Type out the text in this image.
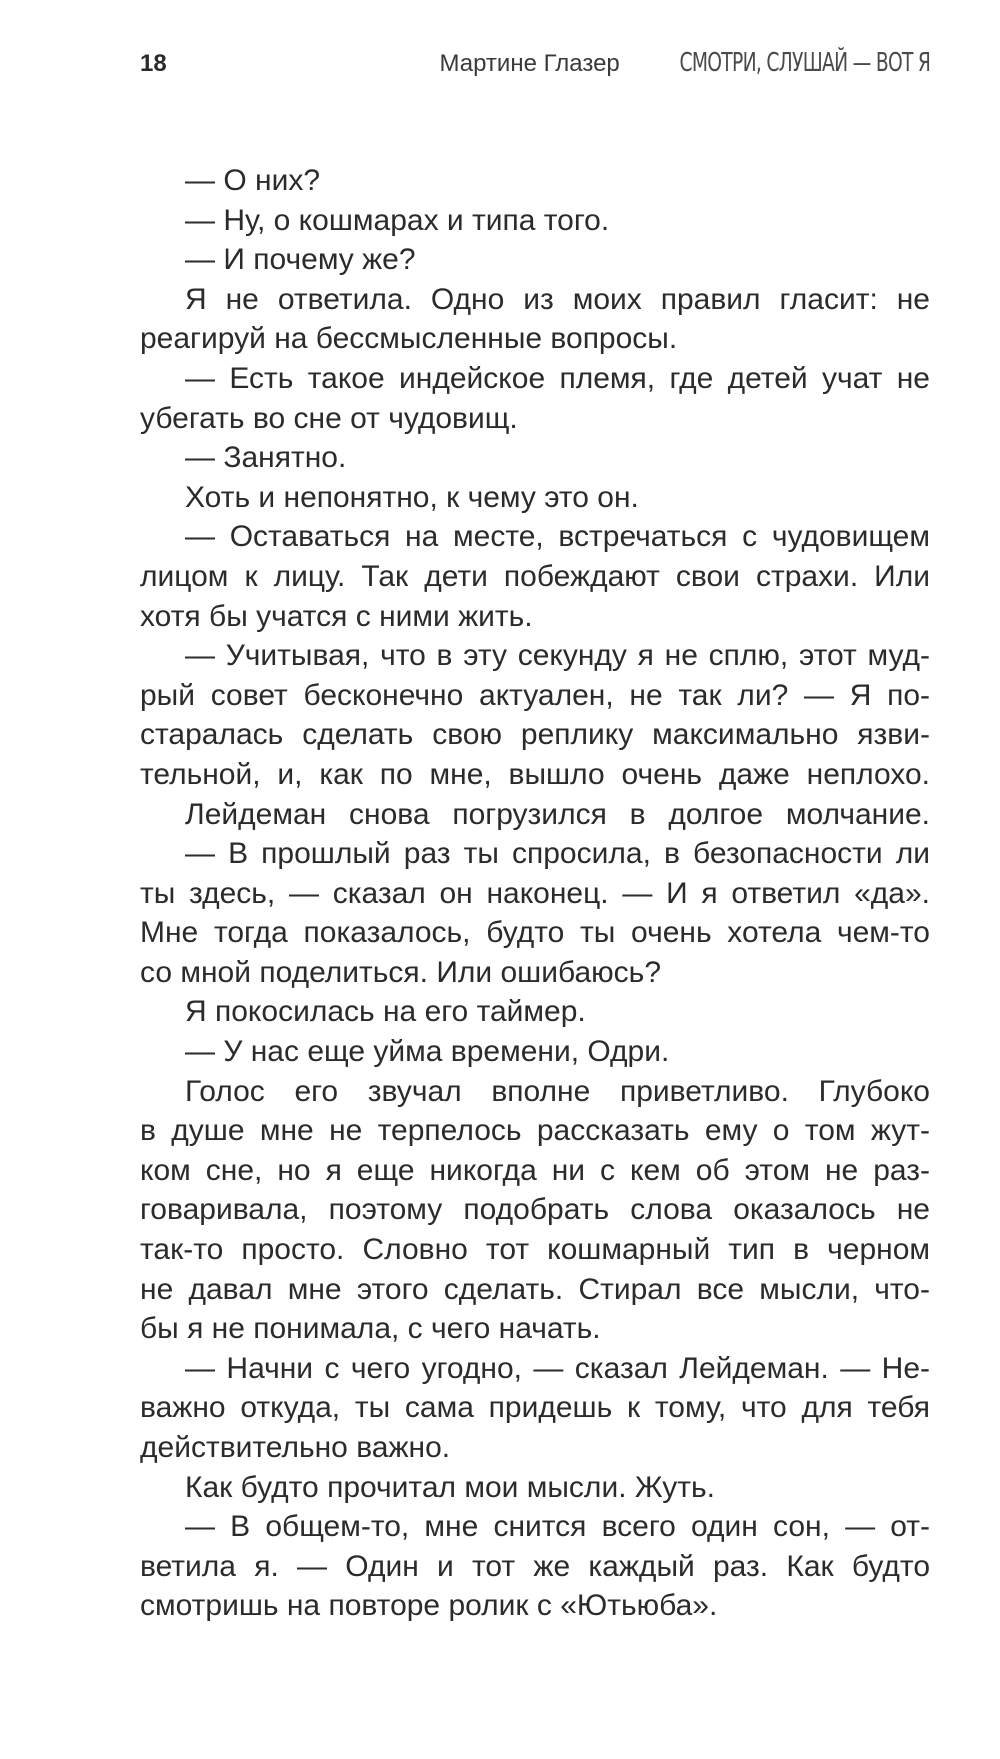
18	Мартине Глазер СМОТРИ, СЛУШАЙ — ВОТ Я
— О них?
— Ну, о кошмарах и типа того.
— И почему же?
Я не ответила. Одно из моих правил гласит: не
реагируй на бессмысленные вопросы.
— Есть такое индейское племя, где детей учат не
убегать во сне от чудовищ.
— Занятно.
Хоть и непонятно, к чему это он.
— Оставаться на месте, встречаться с чудовищем
лицом к лицу. Так дети побеждают свои страхи. Или
хотя бы учатся с ними жить.
— Учитывая, что в эту секунду я не сплю, этот муд-
рый совет бесконечно актуален, не так ли? — Я по-
старалась сделать свою реплику максимально язви-
тельной, и, как по мне, вышло очень даже неплохо.
Лейдеман снова погрузился в долгое молчание.
— В прошлый раз ты спросила, в безопасности ли
ты здесь, — сказал он наконец. — И я ответил «да».
Мне тогда показалось, будто ты очень хотела чем-то
со мной поделиться. Или ошибаюсь?
Я покосилась на его таймер.
— У нас еще уйма времени, Одри.
Голос его звучал вполне приветливо. Глубоко
в душе мне не терпелось рассказать ему о том жут-
ком сне, но я еще никогда ни с кем об этом не раз-
говаривала, поэтому подобрать слова оказалось не
так-то просто. Словно тот кошмарный тип в черном
не давал мне этого сделать. Стирал все мысли, что-
бы я не понимала, с чего начать.
— Начни с чего угодно, — сказал Лейдеман. — Не-
важно откуда, ты сама придешь к тому, что для тебя
действительно важно.
Как будто прочитал мои мысли. Жуть.
— В общем-то, мне снится всего один сон, — от-
ветила я. — Один и тот же каждый раз. Как будто
смотришь на повторе ролик с «Ютьюба».
